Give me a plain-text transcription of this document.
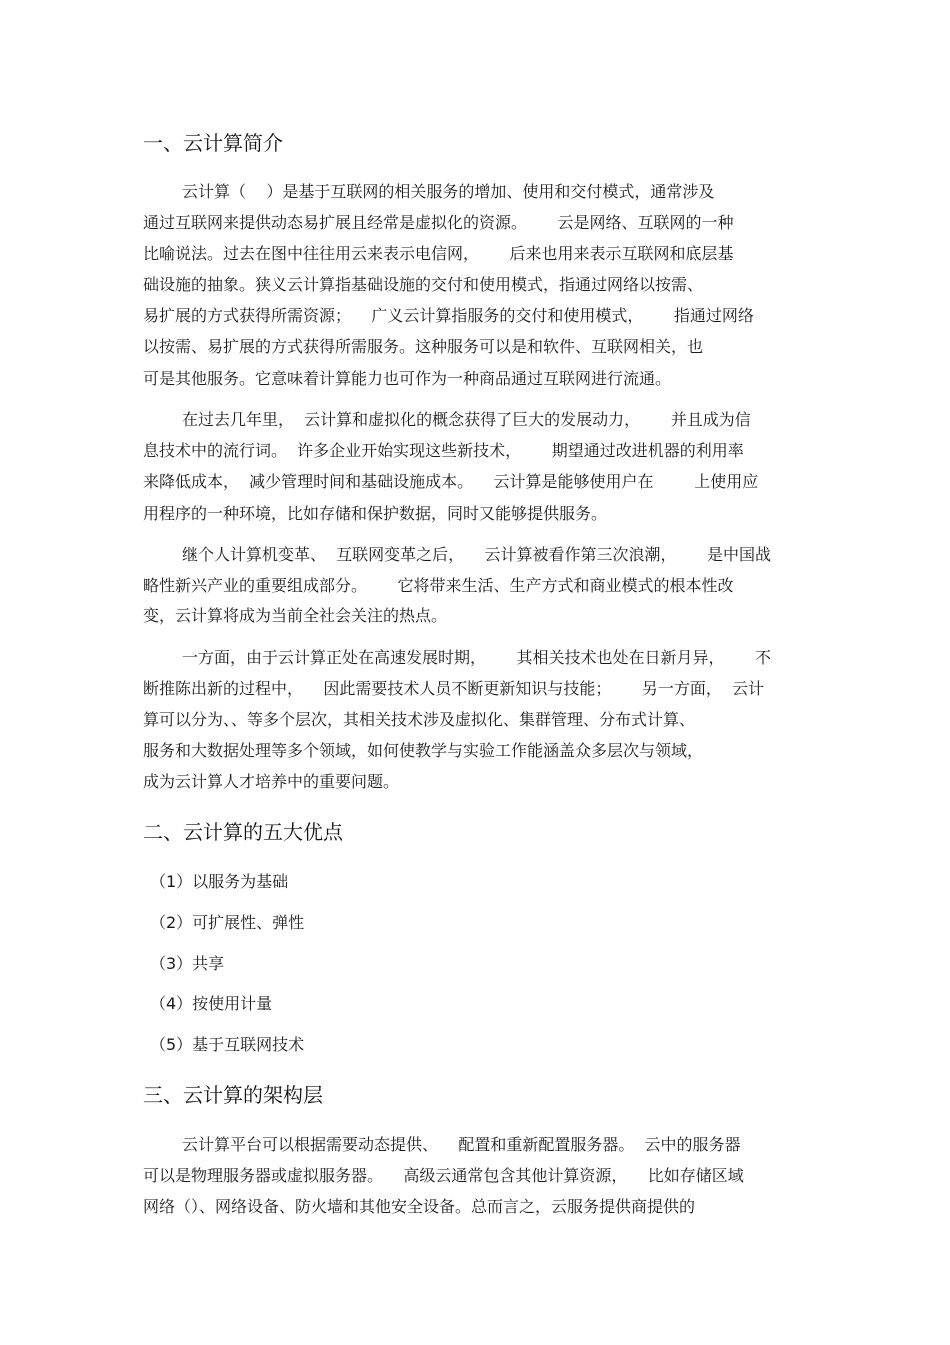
一、云计算简介
云计算（    ）是基于互联网的相关服务的增加、使用和交付模式，通常涉及
通过互联网来提供动态易扩展且经常是虚拟化的资源。      云是网络、互联网的一种
比喻说法。过去在图中往往用云来表示电信网，      后来也用来表示互联网和底层基
础设施的抽象。狭义云计算指基础设施的交付和使用模式，指通过网络以按需、
易扩展的方式获得所需资源；    广义云计算指服务的交付和使用模式，      指通过网络
以按需、易扩展的方式获得所需服务。这种服务可以是和软件、互联网相关，也
可是其他服务。它意味着计算能力也可作为一种商品通过互联网进行流通。
在过去几年里，  云计算和虚拟化的概念获得了巨大的发展动力，      并且成为信
息技术中的流行词。  许多企业开始实现这些新技术，      期望通过改进机器的利用率
来降低成本，  减少管理时间和基础设施成本。    云计算是能够使用户在        上使用应
用程序的一种环境，比如存储和保护数据，同时又能够提供服务。
继个人计算机变革、  互联网变革之后，    云计算被看作第三次浪潮，      是中国战
略性新兴产业的重要组成部分。      它将带来生活、生产方式和商业模式的根本性改
变，云计算将成为当前全社会关注的热点。
一方面，由于云计算正处在高速发展时期，      其相关技术也处在日新月异，      不
断推陈出新的过程中，    因此需要技术人员不断更新知识与技能；      另一方面，  云计
算可以分为、、等多个层次，其相关技术涉及虚拟化、集群管理、分布式计算、
服务和大数据处理等多个领域，如何使教学与实验工作能涵盖众多层次与领域，
成为云计算人才培养中的重要问题。
二、云计算的五大优点
（1）以服务为基础
（2）可扩展性、弹性
（3）共享
（4）按使用计量
（5）基于互联网技术
三、云计算的架构层
云计算平台可以根据需要动态提供、    配置和重新配置服务器。  云中的服务器
可以是物理服务器或虚拟服务器。    高级云通常包含其他计算资源，    比如存储区域
网络（）、网络设备、防火墙和其他安全设备。总而言之，云服务提供商提供的
